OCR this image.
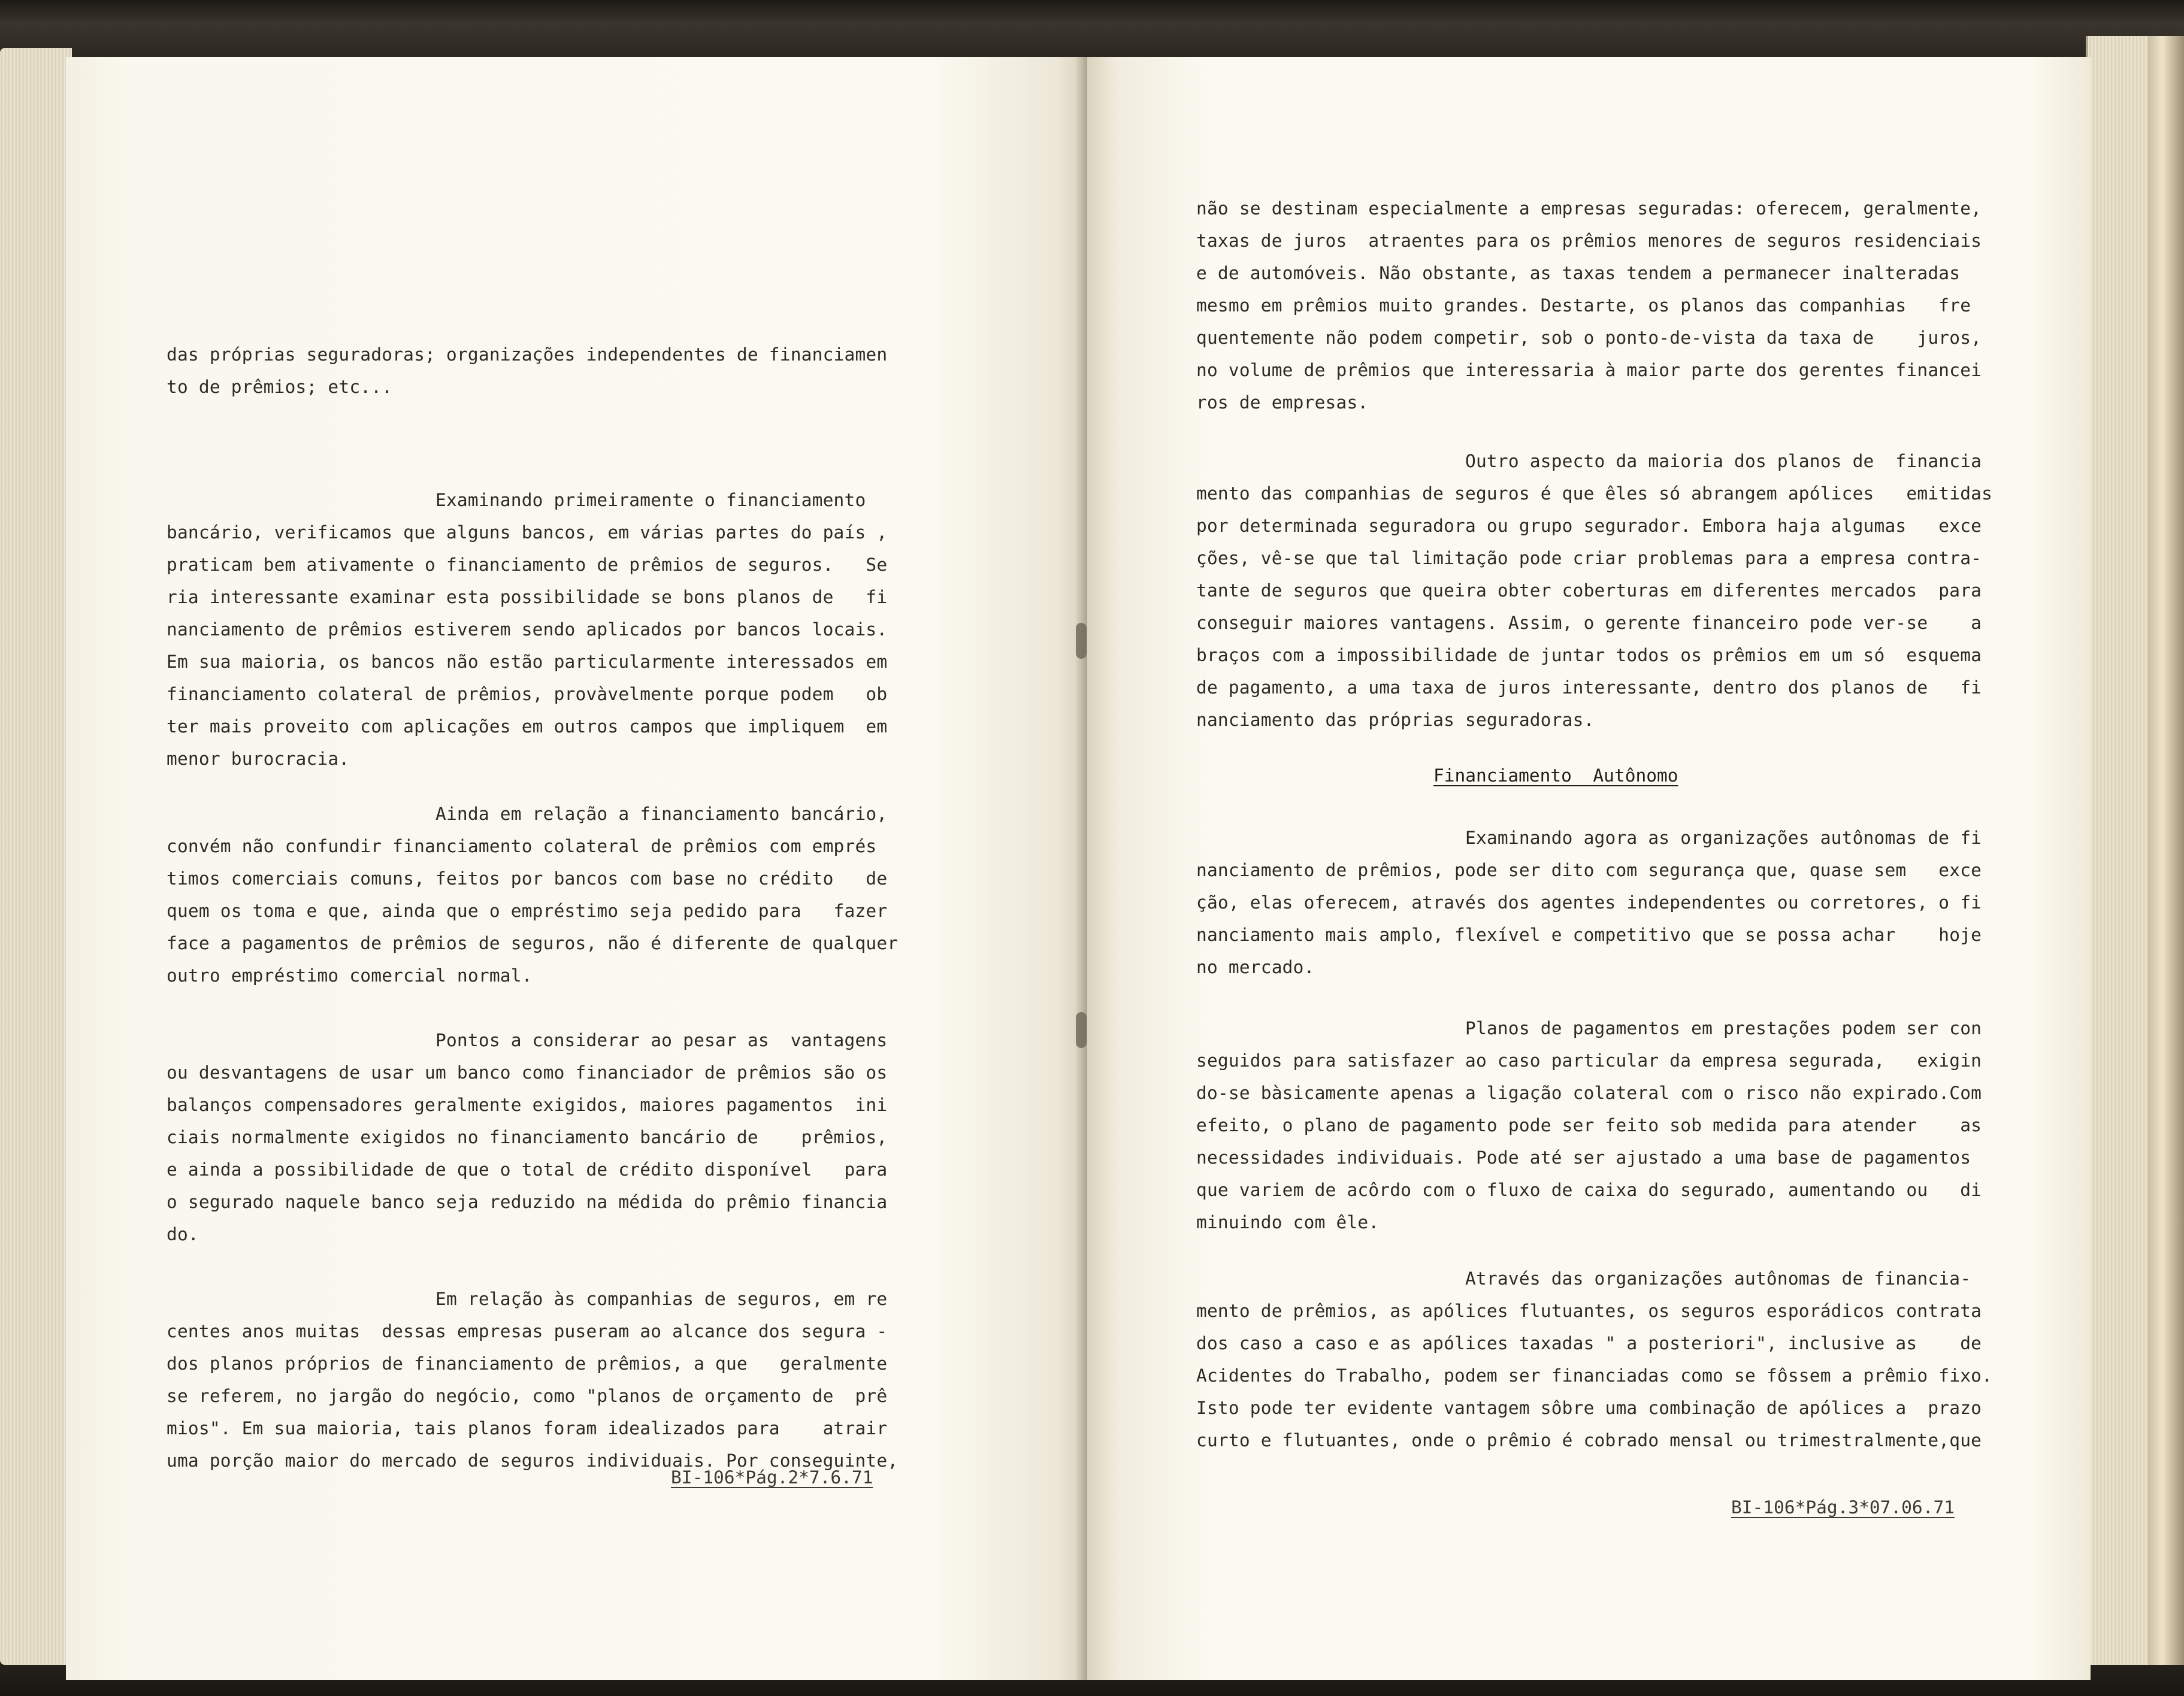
das próprias seguradoras; organizações independentes de financiamen
to de prêmios; etc...

Examinando primeiramente o financiamento
bancário, verificamos que alguns bancos, em várias partes do país ,
praticam bem ativamente o financiamento de prêmios de seguros.   Se
ria interessante examinar esta possibilidade se bons planos de   fi
nanciamento de prêmios estiverem sendo aplicados por bancos locais.
Em sua maioria, os bancos não estão particularmente interessados em
financiamento colateral de prêmios, provàvelmente porque podem   ob
ter mais proveito com aplicações em outros campos que impliquem  em
menor burocracia.

Ainda em relação a financiamento bancário,
convém não confundir financiamento colateral de prêmios com emprés
timos comerciais comuns, feitos por bancos com base no crédito   de
quem os toma e que, ainda que o empréstimo seja pedido para   fazer
face a pagamentos de prêmios de seguros, não é diferente de qualquer
outro empréstimo comercial normal.

Pontos a considerar ao pesar as  vantagens
ou desvantagens de usar um banco como financiador de prêmios são os
balanços compensadores geralmente exigidos, maiores pagamentos  ini
ciais normalmente exigidos no financiamento bancário de    prêmios,
e ainda a possibilidade de que o total de crédito disponível   para
o segurado naquele banco seja reduzido na médida do prêmio financia
do.

Em relação às companhias de seguros, em re
centes anos muitas  dessas empresas puseram ao alcance dos segura -
dos planos próprios de financiamento de prêmios, a que   geralmente
se referem, no jargão do negócio, como "planos de orçamento de  prê
mios". Em sua maioria, tais planos foram idealizados para    atrair
uma porção maior do mercado de seguros individuais. Por conseguinte,

BI-106*Pág.2*7.6.71

não se destinam especialmente a empresas seguradas: oferecem, geralmente,
taxas de juros  atraentes para os prêmios menores de seguros residenciais
e de automóveis. Não obstante, as taxas tendem a permanecer inalteradas
mesmo em prêmios muito grandes. Destarte, os planos das companhias   fre
quentemente não podem competir, sob o ponto-de-vista da taxa de    juros,
no volume de prêmios que interessaria à maior parte dos gerentes financei
ros de empresas.

Outro aspecto da maioria dos planos de  financia
mento das companhias de seguros é que êles só abrangem apólices   emitidas
por determinada seguradora ou grupo segurador. Embora haja algumas   exce
ções, vê-se que tal limitação pode criar problemas para a empresa contra-
tante de seguros que queira obter coberturas em diferentes mercados  para
conseguir maiores vantagens. Assim, o gerente financeiro pode ver-se    a
braços com a impossibilidade de juntar todos os prêmios em um só  esquema
de pagamento, a uma taxa de juros interessante, dentro dos planos de   fi
nanciamento das próprias seguradoras.

Financiamento  Autônomo

Examinando agora as organizações autônomas de fi
nanciamento de prêmios, pode ser dito com segurança que, quase sem   exce
ção, elas oferecem, através dos agentes independentes ou corretores, o fi
nanciamento mais amplo, flexível e competitivo que se possa achar    hoje
no mercado.

Planos de pagamentos em prestações podem ser con
seguidos para satisfazer ao caso particular da empresa segurada,   exigin
do-se bàsicamente apenas a ligação colateral com o risco não expirado.Com
efeito, o plano de pagamento pode ser feito sob medida para atender    as
necessidades individuais. Pode até ser ajustado a uma base de pagamentos
que variem de acôrdo com o fluxo de caixa do segurado, aumentando ou   di
minuindo com êle.

Através das organizações autônomas de financia-
mento de prêmios, as apólices flutuantes, os seguros esporádicos contrata
dos caso a caso e as apólices taxadas " a posteriori", inclusive as    de
Acidentes do Trabalho, podem ser financiadas como se fôssem a prêmio fixo.
Isto pode ter evidente vantagem sôbre uma combinação de apólices a  prazo
curto e flutuantes, onde o prêmio é cobrado mensal ou trimestralmente,que

BI-106*Pág.3*07.06.71
